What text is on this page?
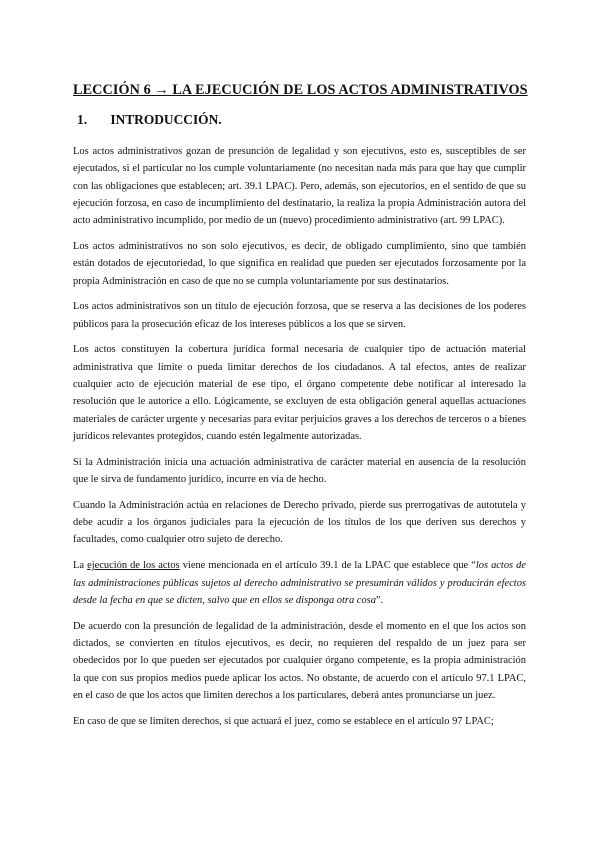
LECCIÓN 6 → LA EJECUCIÓN DE LOS ACTOS ADMINISTRATIVOS
1. INTRODUCCIÓN.

Los actos administrativos gozan de presunción de legalidad y son ejecutivos, esto es, susceptibles de ser ejecutados, si el particular no los cumple voluntariamente (no necesitan nada más para que hay que cumplir con las obligaciones que establecen; art. 39.1 LPAC). Pero, además, son ejecutorios, en el sentido de que su ejecución forzosa, en caso de incumplimiento del destinatario, la realiza la propia Administración autora del acto administrativo incumplido, por medio de un (nuevo) procedimiento administrativo (art. 99 LPAC).

Los actos administrativos no son solo ejecutivos, es decir, de obligado cumplimiento, sino que también están dotados de ejecutoriedad, lo que significa en realidad que pueden ser ejecutados forzosamente por la propia Administración en caso de que no se cumpla voluntariamente por sus destinatarios.

Los actos administrativos son un título de ejecución forzosa, que se reserva a las decisiones de los poderes públicos para la prosecución eficaz de los intereses públicos a los que se sirven.

Los actos constituyen la cobertura jurídica formal necesaria de cualquier tipo de actuación material administrativa que limite o pueda limitar derechos de los ciudadanos. A tal efectos, antes de realizar cualquier acto de ejecución material de ese tipo, el órgano competente debe notificar al interesado la resolución que le autorice a ello. Lógicamente, se excluyen de esta obligación general aquellas actuaciones materiales de carácter urgente y necesarias para evitar perjuicios graves a los derechos de terceros o a bienes jurídicos relevantes protegidos, cuando estén legalmente autorizadas.

Si la Administración inicia una actuación administrativa de carácter material en ausencia de la resolución que le sirva de fundamento jurídico, incurre en vía de hecho.

Cuando la Administración actúa en relaciones de Derecho privado, pierde sus prerrogativas de autotutela y debe acudir a los órganos judiciales para la ejecución de los títulos de los que deriven sus derechos y facultades, como cualquier otro sujeto de derecho.

La ejecución de los actos viene mencionada en el artículo 39.1 de la LPAC que establece que “los actos de las administraciones públicas sujetos al derecho administrativo se presumirán válidos y producirán efectos desde la fecha en que se dicten, salvo que en ellos se disponga otra cosa”.

De acuerdo con la presunción de legalidad de la administración, desde el momento en el que los actos son dictados, se convierten en títulos ejecutivos, es decir, no requieren del respaldo de un juez para ser obedecidos por lo que pueden ser ejecutados por cualquier órgano competente, es la propia administración la que con sus propios medios puede aplicar los actos. No obstante, de acuerdo con el artículo 97.1 LPAC, en el caso de que los actos que limiten derechos a los particulares, deberá antes pronunciarse un juez.

En caso de que se limiten derechos, si que actuará el juez, como se establece en el artículo 97 LPAC;
